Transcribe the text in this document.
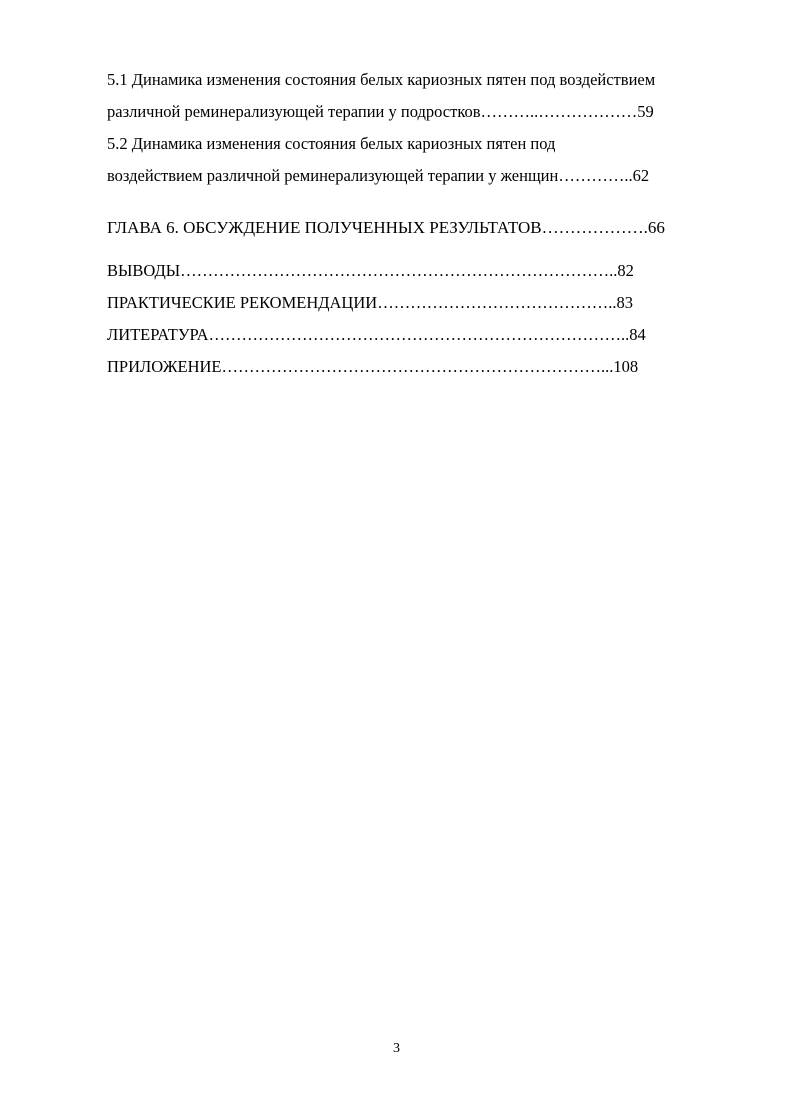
5.1 Динамика изменения состояния белых кариозных пятен под воздействием
различной реминерализующей терапии у подростков………..………………59
5.2 Динамика изменения состояния белых кариозных пятен под
воздействием различной реминерализующей терапии у женщин…………..62
ГЛАВА 6. ОБСУЖДЕНИЕ ПОЛУЧЕННЫХ РЕЗУЛЬТАТОВ……………….66
ВЫВОДЫ……………………………………………………………………..82
ПРАКТИЧЕСКИЕ РЕКОМЕНДАЦИИ……………………………………..83
ЛИТЕРАТУРА…………………………………………………………………..84
ПРИЛОЖЕНИЕ……………………………………………………………...108
3
